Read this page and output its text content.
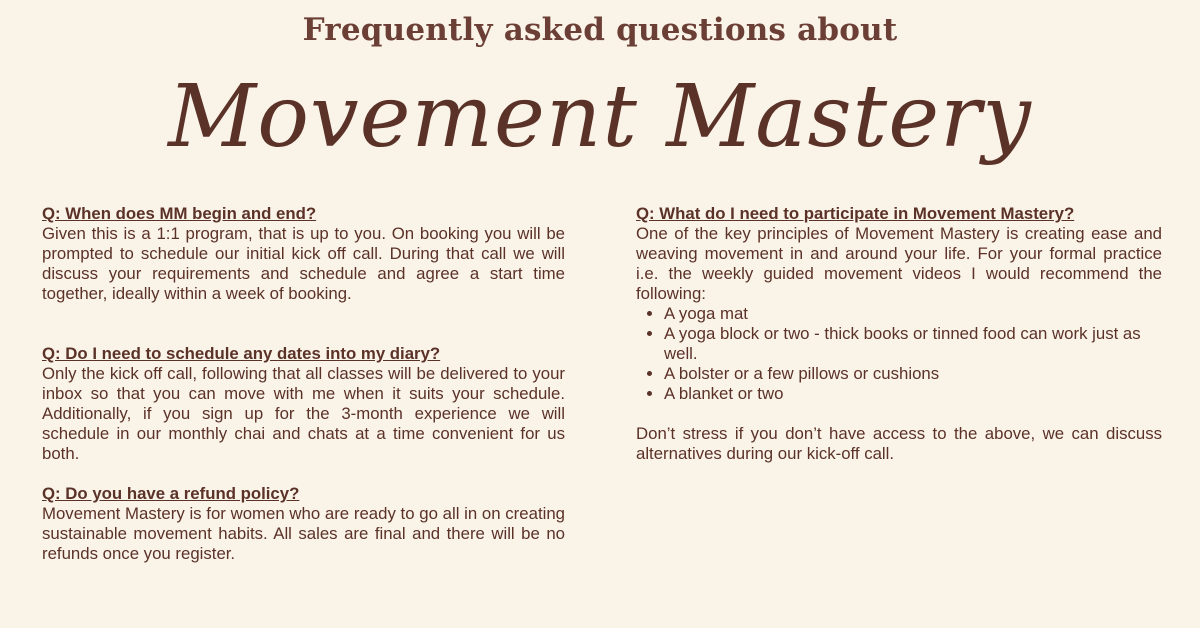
Frequently asked questions about
Movement Mastery
Q: When does MM begin and end?

Given this is a 1:1 program, that is up to you. On booking you will be prompted to schedule our initial kick off call. During that call we will discuss your requirements and schedule and agree a start time together, ideally within a week of booking.

Q: Do I need to schedule any dates into my diary?

Only the kick off call, following that all classes will be delivered to your inbox so that you can move with me when it suits your schedule. Additionally, if you sign up for the 3-month experience we will schedule in our monthly chai and chats at a time convenient for us both.

Q: Do you have a refund policy?

Movement Mastery is for women who are ready to go all in on creating sustainable movement habits. All sales are final and there will be no refunds once you register.

Q: What do I need to participate in Movement Mastery?

One of the key principles of Movement Mastery is creating ease and weaving movement in and around your life. For your formal practice i.e. the weekly guided movement videos I would recommend the following:

• A yoga mat
• A yoga block or two - thick books or tinned food can work just as well.
• A bolster or a few pillows or cushions
• A blanket or two

Don’t stress if you don’t have access to the above, we can discuss alternatives during our kick-off call.
